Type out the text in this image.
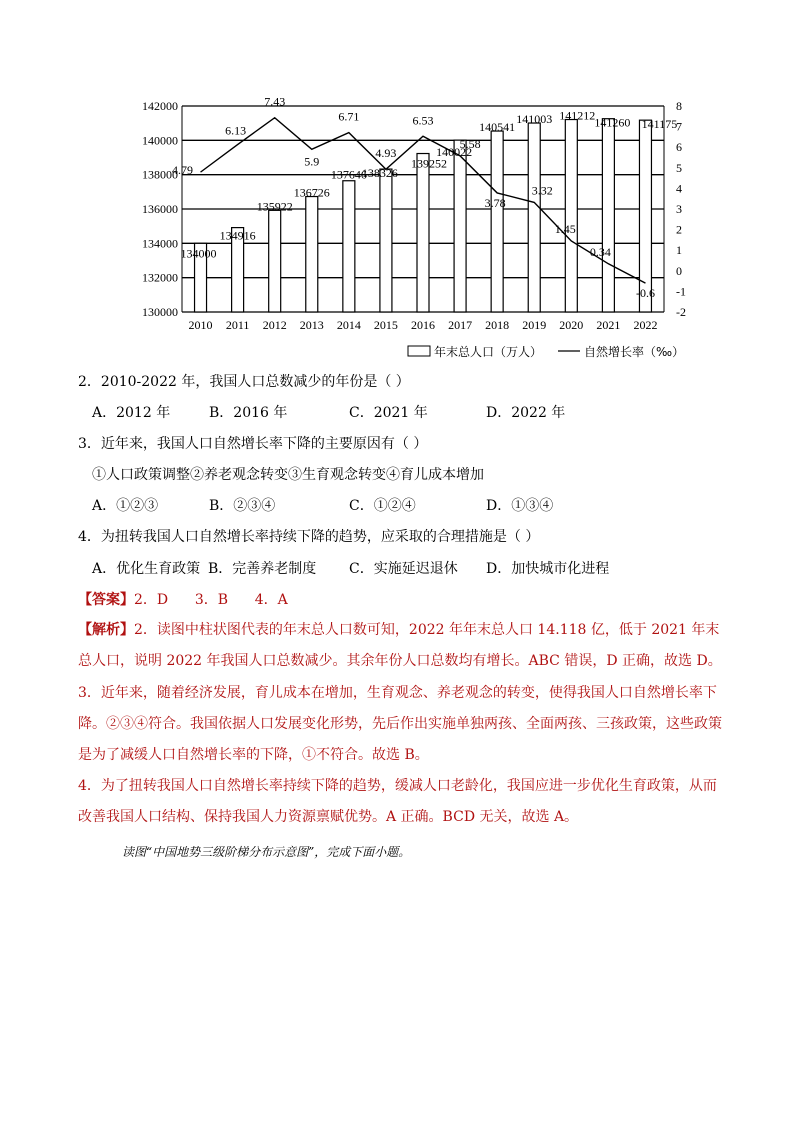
130000
132000
134000
136000
138000
140000
142000
-2
-1
0
1
2
3
4
5
6
7
8
2010 2011 2012 2013 2014 2015 2016 2017 2018 2019 2020 2021 2022
134000
134916
135922
136726
137646
138326
139252
140022
140541
141003 141212
141260 141175
4.79
6.13
7.43
5.9
6.71
4.93
6.53
5.58
3.78
3.32
1.45
0.34
-0.6
年末总人口（万人）	自然增长率（‰）
2．2010-2022 年，我国人口总数减少的年份是（ ）
A．2012 年	B．2016 年	C．2021 年	D．2022 年
3．近年来，我国人口自然增长率下降的主要原因有（ ）
①人口政策调整②养老观念转变③生育观念转变④育儿成本增加
A．①②③	B．②③④	C．①②④	D．①③④
4．为扭转我国人口自然增长率持续下降的趋势，应采取的合理措施是（ ）
A．优化生育政策 B．完善养老制度 C．实施延迟退休 D．加快城市化进程
【答案】2．D      3．B      4．A
【解析】2．读图中柱状图代表的年末总人口数可知，2022 年年末总人口 14.118 亿，低于 2021 年末总人口，说明 2022 年我国人口总数减少。其余年份人口总数均有增长。ABC 错误，D 正确，故选 D。
3．近年来，随着经济发展，育儿成本在增加，生育观念、养老观念的转变，使得我国人口自然增长率下降。②③④符合。我国依据人口发展变化形势，先后作出实施单独两孩、全面两孩、三孩政策，这些政策是为了减缓人口自然增长率的下降，①不符合。故选 B。
4．为了扭转我国人口自然增长率持续下降的趋势，缓减人口老龄化，我国应进一步优化生育政策，从而改善我国人口结构、保持我国人力资源禀赋优势。A 正确。BCD 无关，故选 A。
读图“中国地势三级阶梯分布示意图”，完成下面小题。
